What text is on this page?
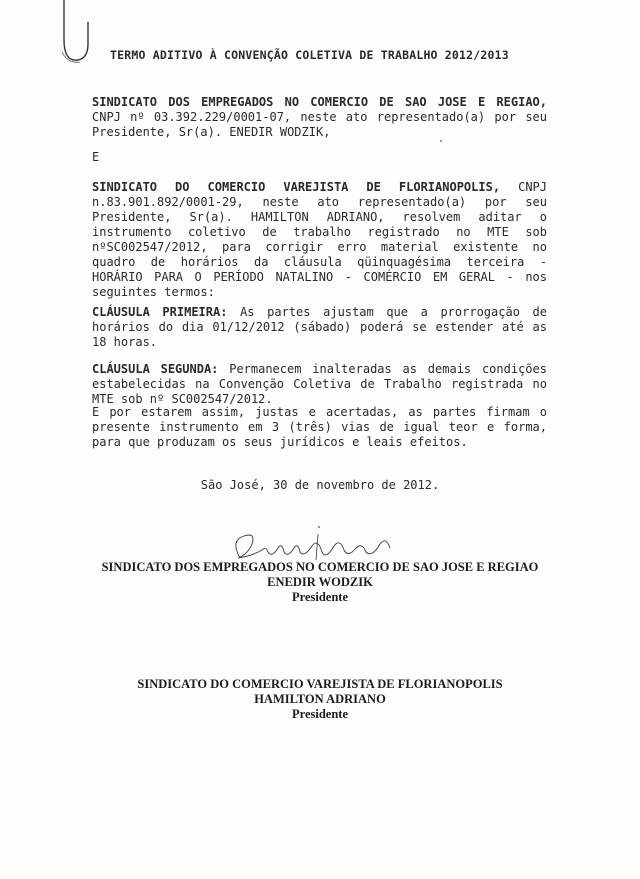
TERMO ADITIVO À CONVENÇÃO COLETIVA DE TRABALHO 2012/2013
SINDICATO DOS EMPREGADOS NO COMERCIO DE SAO JOSE E REGIAO, CNPJ nº 03.392.229/0001-07, neste ato representado(a) por seu Presidente, Sr(a). ENEDIR WODZIK,
E
SINDICATO DO COMERCIO VAREJISTA DE FLORIANOPOLIS, CNPJ n.83.901.892/0001-29, neste ato representado(a) por seu Presidente, Sr(a). HAMILTON ADRIANO, resolvem aditar o instrumento coletivo de trabalho registrado no MTE sob nºSC002547/2012, para corrigir erro material existente no quadro de horários da cláusula qüinquagésima terceira - HORÁRIO PARA O PERÍODO NATALINO - COMÉRCIO EM GERAL - nos seguintes termos:
CLÁUSULA PRIMEIRA: As partes ajustam que a prorrogação de horários do dia 01/12/2012 (sábado) poderá se estender até as 18 horas.
CLÁUSULA SEGUNDA: Permanecem inalteradas as demais condições estabelecidas na Convenção Coletiva de Trabalho registrada no MTE sob nº SC002547/2012.
E por estarem assim, justas e acertadas, as partes firmam o presente instrumento em 3 (três) vias de igual teor e forma, para que produzam os seus jurídicos e leais efeitos.
São José, 30 de novembro de 2012.
SINDICATO DOS EMPREGADOS NO COMERCIO DE SAO JOSE E REGIAO
ENEDIR WODZIK
Presidente
SINDICATO DO COMERCIO VAREJISTA DE FLORIANOPOLIS
HAMILTON ADRIANO
Presidente
